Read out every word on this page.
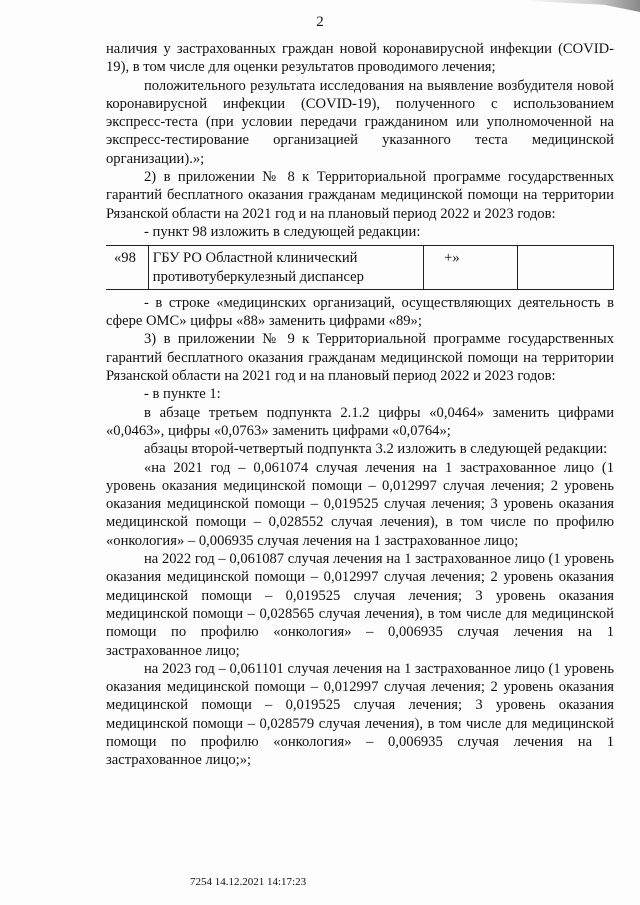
2

наличия у застрахованных граждан новой коронавирусной инфекции (COVID-19), в том числе для оценки результатов проводимого лечения;

положительного результата исследования на выявление возбудителя новой коронавирусной инфекции (COVID-19), полученного с использованием экспресс-теста (при условии передачи гражданином или уполномоченной на экспресс-тестирование организацией указанного теста медицинской организации).»;

2) в приложении № 8 к Территориальной программе государственных гарантий бесплатного оказания гражданам медицинской помощи на территории Рязанской области на 2021 год и на плановый период 2022 и 2023 годов:

- пункт 98 изложить в следующей редакции:

«98	ГБУ РО Областной клинический противотуберкулезный диспансер	+»	

- в строке «медицинских организаций, осуществляющих деятельность в сфере ОМС» цифры «88» заменить цифрами «89»;

3) в приложении № 9 к Территориальной программе государственных гарантий бесплатного оказания гражданам медицинской помощи на территории Рязанской области на 2021 год и на плановый период 2022 и 2023 годов:

- в пункте 1:

в абзаце третьем подпункта 2.1.2 цифры «0,0464» заменить цифрами «0,0463», цифры «0,0763» заменить цифрами «0,0764»;

абзацы второй-четвертый подпункта 3.2 изложить в следующей редакции:

«на 2021 год – 0,061074 случая лечения на 1 застрахованное лицо (1 уровень оказания медицинской помощи – 0,012997 случая лечения; 2 уровень оказания медицинской помощи – 0,019525 случая лечения; 3 уровень оказания медицинской помощи – 0,028552 случая лечения), в том числе по профилю «онкология» – 0,006935 случая лечения на 1 застрахованное лицо;

на 2022 год – 0,061087 случая лечения на 1 застрахованное лицо (1 уровень оказания медицинской помощи – 0,012997 случая лечения; 2 уровень оказания медицинской помощи – 0,019525 случая лечения; 3 уровень оказания медицинской помощи – 0,028565 случая лечения), в том числе для медицинской помощи по профилю «онкология» – 0,006935 случая лечения на 1 застрахованное лицо;

на 2023 год – 0,061101 случая лечения на 1 застрахованное лицо (1 уровень оказания медицинской помощи – 0,012997 случая лечения; 2 уровень оказания медицинской помощи – 0,019525 случая лечения; 3 уровень оказания медицинской помощи – 0,028579 случая лечения), в том числе для медицинской помощи по профилю «онкология» – 0,006935 случая лечения на 1 застрахованное лицо;»;

7254 14.12.2021 14:17:23
